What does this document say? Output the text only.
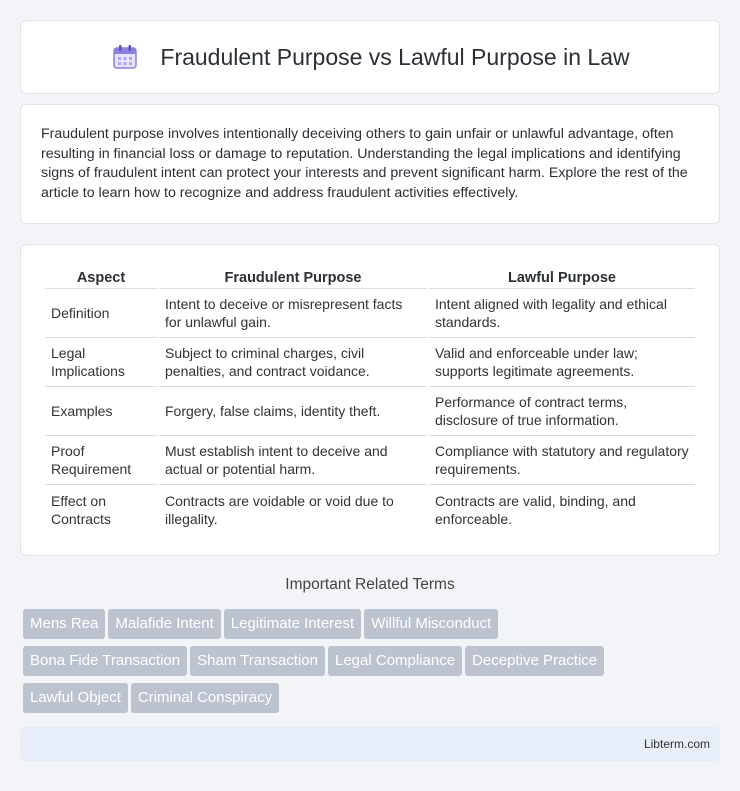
Fraudulent Purpose vs Lawful Purpose in Law

Fraudulent purpose involves intentionally deceiving others to gain unfair or unlawful advantage, often resulting in financial loss or damage to reputation. Understanding the legal implications and identifying signs of fraudulent intent can protect your interests and prevent significant harm. Explore the rest of the article to learn how to recognize and address fraudulent activities effectively.

Aspect	Fraudulent Purpose	Lawful Purpose
Definition	Intent to deceive or misrepresent facts for unlawful gain.	Intent aligned with legality and ethical standards.
Legal Implications	Subject to criminal charges, civil penalties, and contract voidance.	Valid and enforceable under law; supports legitimate agreements.
Examples	Forgery, false claims, identity theft.	Performance of contract terms, disclosure of true information.
Proof Requirement	Must establish intent to deceive and actual or potential harm.	Compliance with statutory and regulatory requirements.
Effect on Contracts	Contracts are voidable or void due to illegality.	Contracts are valid, binding, and enforceable.
Important Related Terms
Mens Rea Malafide Intent Legitimate Interest Willful Misconduct
Bona Fide Transaction Sham Transaction Legal Compliance Deceptive Practice
Lawful Object Criminal Conspiracy
Libterm.com
